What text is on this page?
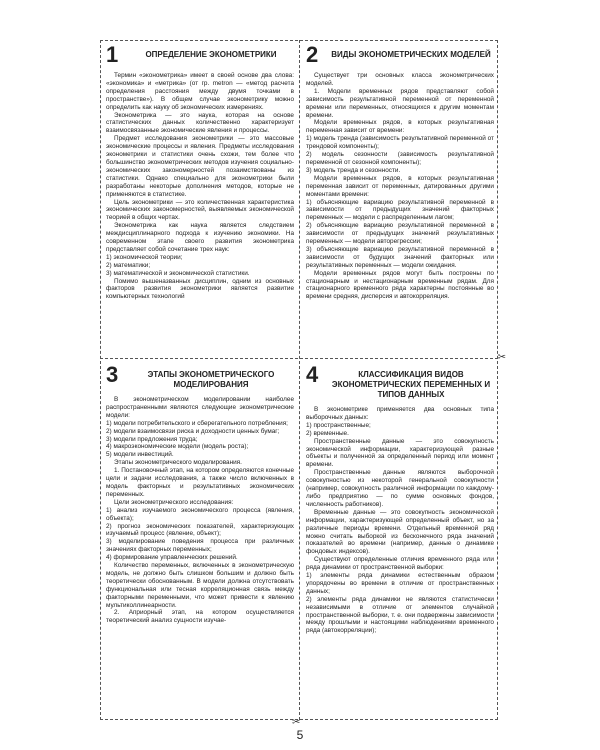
1	ОПРЕДЕЛЕНИЕ ЭКОНОМЕТРИКИ

Термин «эконометрика» имеет в своей основе два слова: «экономика» и «метрика» (от гр. metron — «метод расчета определения расстояния между двумя точками в пространстве»). В общем случае эконометрику можно определить как науку об экономических измерениях.

Эконометрика — это наука, которая на основе статистических данных количественно характеризует взаимосвязанные экономические явления и процессы.

Предмет исследования эконометрики — это массовые экономические процессы и явления. Предметы исследования эконометрики и статистики очень схожи, тем более что большинство эконометрических методов изучения социально-экономических закономерностей позаимствованы из статистики. Однако специально для эконометрики были разработаны некоторые дополнения методов, которые не применяются в статистике.

Цель эконометрики — это количественная характеристика экономических закономерностей, выявляемых экономической теорией в общих чертах.

Эконометрика как наука является следствием междисциплинарного подхода к изучению экономики. На современном этапе своего развития эконометрика представляет собой сочетание трех наук:

1) экономической теории;

2) математики;

3) математической и экономической статистики.

Помимо вышеназванных дисциплин, одним из основных факторов развития эконометрики является развитие компьютерных технологий

2	ВИДЫ ЭКОНОМЕТРИЧЕСКИХ МОДЕЛЕЙ

Существует три основных класса эконометрических моделей.

1. Модели временных рядов представляют собой зависимость результативной переменной от переменной времени или переменных, относящихся к другим моментам времени.

Модели временных рядов, в которых результативная переменная зависит от времени:

1) модель тренда (зависимость результативной переменной от трендовой компоненты);

2) модель сезонности (зависимость результативной переменной от сезонной компоненты);

3) модель тренда и сезонности.

Модели временных рядов, в которых результативная переменная зависит от переменных, датированных другими моментами времени:

1) объясняющие вариацию результативной переменной в зависимости от предыдущих значений факторных переменных — модели с распределенным лагом;

2) объясняющие вариацию результативной переменной в зависимости от предыдущих значений результативных переменных — модели авторегрессии;

3) объясняющие вариацию результативной переменной в зависимости от будущих значений факторных или результативных переменных — модели ожидания.

Модели временных рядов могут быть построены по стационарным и нестационарным временным рядам. Для стационарного временного ряда характерны постоянные во времени средняя, дисперсия и автокорреляция.

3	ЭТАПЫ ЭКОНОМЕТРИЧЕСКОГО МОДЕЛИРОВАНИЯ

В эконометрическом моделировании наиболее распространенными являются следующие эконометрические модели:

1) модели потребительского и сберегательного потребления;

2) модели взаимосвязи риска и доходности ценных бумаг;

3) модели предложения труда;

4) макроэкономические модели (модель роста);

5) модели инвестиций.

Этапы эконометрического моделирования.

1. Постановочный этап, на котором определяются конечные цели и задачи исследования, а также число включенных в модель факторных и результативных экономических переменных.

Цели эконометрического исследования:

1) анализ изучаемого экономического процесса (явления, объекта);

2) прогноз экономических показателей, характеризующих изучаемый процесс (явление, объект);

3) моделирование поведения процесса при различных значениях факторных переменных;

4) формирование управленческих решений.

Количество переменных, включенных в эконометрическую модель, не должно быть слишком большим и должно быть теоретически обоснованным. В модели должна отсутствовать функциональная или тесная корреляционная связь между факторными переменными, что может привести к явлению мультиколлинеарности.

2. Априорный этап, на котором осуществляется теоретический анализ сущности изучае-

4	КЛАССИФИКАЦИЯ ВИДОВ ЭКОНОМЕТРИЧЕСКИХ ПЕРЕМЕННЫХ И ТИПОВ ДАННЫХ

В эконометрике применяется два основных типа выборочных данных:

1) пространственные;

2) временные.

Пространственные данные — это совокупность экономической информации, характеризующей разные объекты и полученной за определенный период или момент времени.

Пространственные данные являются выборочной совокупностью из некоторой генеральной совокупности (например, совокупность различной информации по каждому-либо предприятию — по сумме основных фондов, численность работников).

Временные данные — это совокупность экономической информации, характеризующей определенный объект, но за различные периоды времени. Отдельный временной ряд можно считать выборкой из бесконечного ряда значений показателей во времени (например, данные о динамике фондовых индексов).

Существуют определенные отличия временного ряда или ряда динамики от пространственной выборки:

1) элементы ряда динамики естественным образом упорядочены во времени в отличие от пространственных данных;

2) элементы ряда динамики не являются статистически независимыми в отличие от элементов случайной пространственной выборки, т. е. они подвержены зависимости между прошлыми и настоящими наблюдениями временного ряда (автокорреляции);

✂
✂
5
